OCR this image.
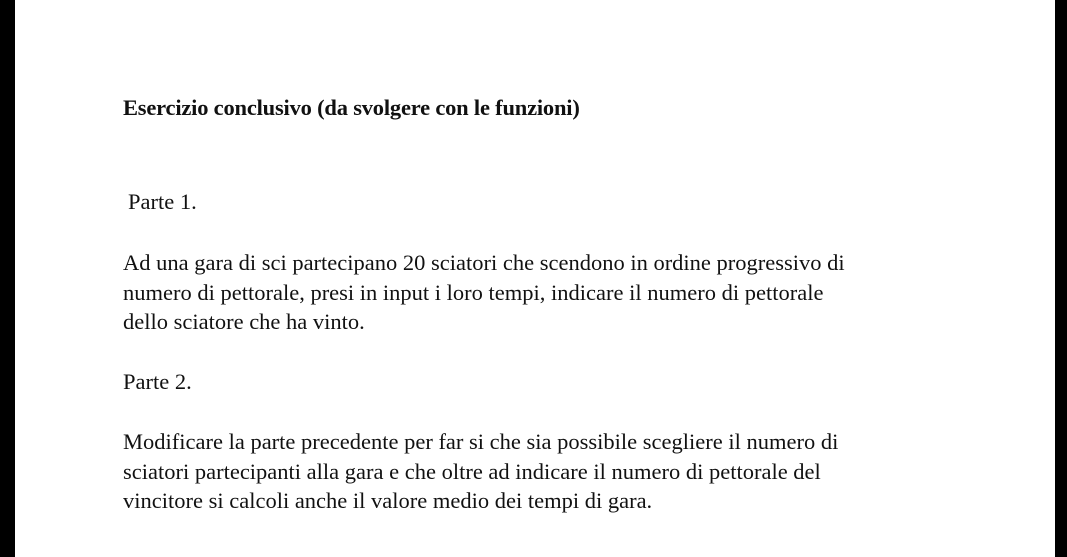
Esercizio conclusivo (da svolgere con le funzioni)

Parte 1.

Ad una gara di sci partecipano 20 sciatori che scendono in ordine progressivo di
numero di pettorale, presi in input i loro tempi, indicare il numero di pettorale
dello sciatore che ha vinto.

Parte 2.

Modificare la parte precedente per far si che sia possibile scegliere il numero di
sciatori partecipanti alla gara e che oltre ad indicare il numero di pettorale del
vincitore si calcoli anche il valore medio dei tempi di gara.
